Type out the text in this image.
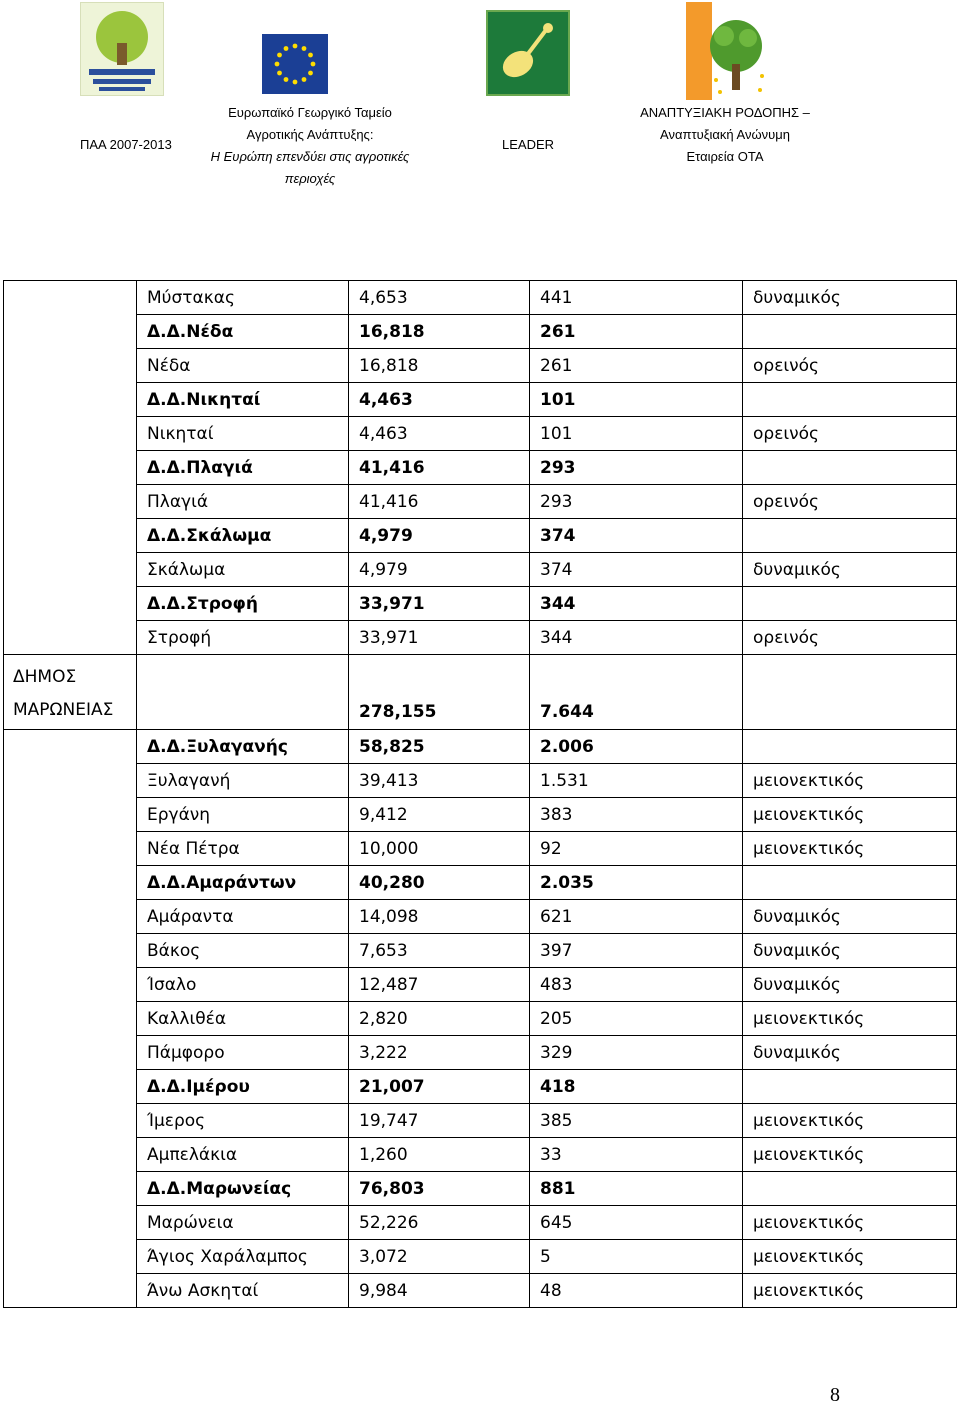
ΠΑΑ 2007-2013
Ευρωπαϊκό Γεωργικό Ταμείο
Αγροτικής Ανάπτυξης:
Η Ευρώπη επενδύει στις αγροτικές
περιοχές
LEADER
ΑΝΑΠΤΥΞΙΑΚΗ ΡΟΔΟΠΗΣ –
Αναπτυξιακή Ανώνυμη
Εταιρεία ΟΤΑ
	Μύστακας	4,653	441	δυναμικός
	Δ.Δ.Νέδα	16,818	261	
	Νέδα	16,818	261	ορεινός
	Δ.Δ.Νικηταί	4,463	101	
	Νικηταί	4,463	101	ορεινός
	Δ.Δ.Πλαγιά	41,416	293	
	Πλαγιά	41,416	293	ορεινός
	Δ.Δ.Σκάλωμα	4,979	374	
	Σκάλωμα	4,979	374	δυναμικός
	Δ.Δ.Στροφή	33,971	344	
	Στροφή	33,971	344	ορεινός

ΔΗΜΟΣ
ΜΑΡΩΝΕΙΑΣ		278,155	7.644	
	Δ.Δ.Ξυλαγανής	58,825	2.006	
	Ξυλαγανή	39,413	1.531	μειονεκτικός
	Εργάνη	9,412	383	μειονεκτικός
	Νέα Πέτρα	10,000	92	μειονεκτικός
	Δ.Δ.Αμαράντων	40,280	2.035	
	Αμάραντα	14,098	621	δυναμικός
	Βάκος	7,653	397	δυναμικός
	Ίσαλο	12,487	483	δυναμικός
	Καλλιθέα	2,820	205	μειονεκτικός
	Πάμφορο	3,222	329	δυναμικός
	Δ.Δ.Ιμέρου	21,007	418	
	Ίμερος	19,747	385	μειονεκτικός
	Αμπελάκια	1,260	33	μειονεκτικός
	Δ.Δ.Μαρωνείας	76,803	881	
	Μαρώνεια	52,226	645	μειονεκτικός
	Άγιος Χαράλαμπος	3,072	5	μειονεκτικός
	Άνω Ασκηταί	9,984	48	μειονεκτικός
8
